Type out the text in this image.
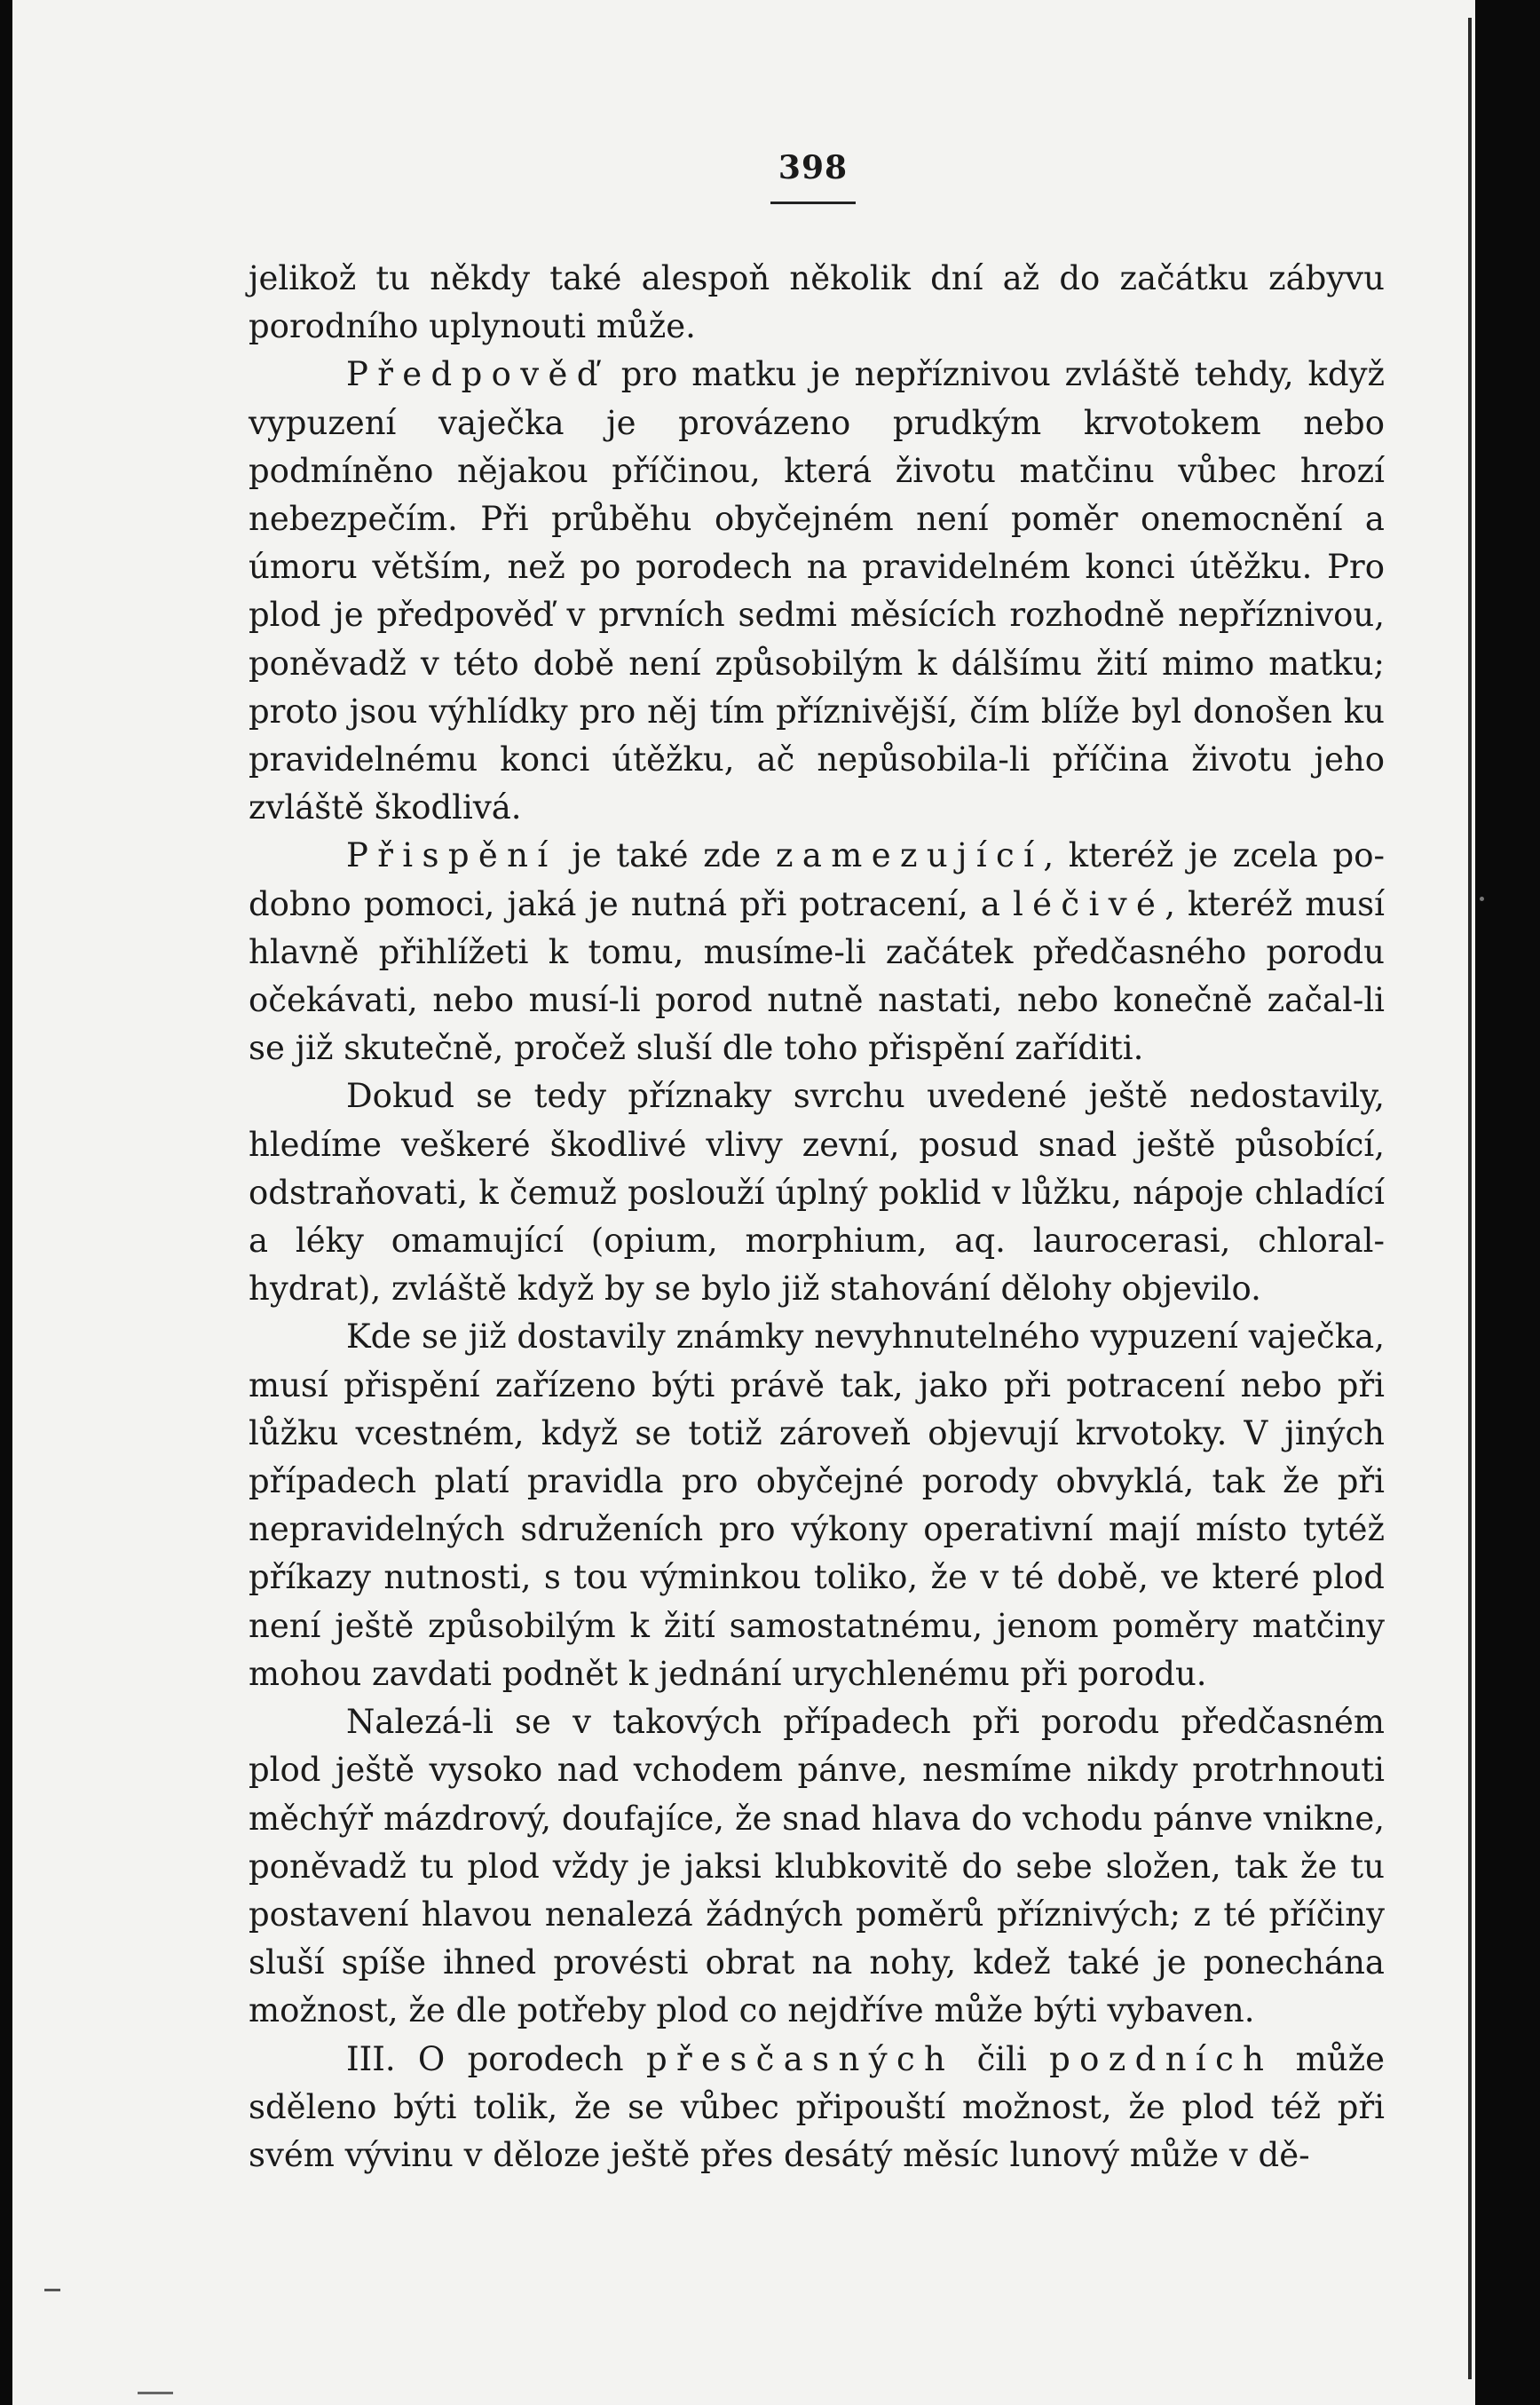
398

jelikož tu někdy také alespoň několik dní až do začátku zábyvu porodního uplynouti může.

Předpověď pro matku je nepříznivou zvláště tehdy, když vypuzení vaječka je provázeno prudkým krvotokem nebo podmíněno nějakou příčinou, která životu matčinu vůbec hrozí nebezpečím. Při průběhu obyčejném není poměr onemocnění a úmoru větším, než po porodech na pravidelném konci útěžku. Pro plod je předpověď v prvních sedmi měsících rozhodně nepříznivou, poněvadž v této době není způsobilým k dálšímu žití mimo matku; proto jsou výhlídky pro něj tím příznivější, čím blíže byl donošen ku pravidelnému konci útěžku, ač nepůsobila-li příčina životu jeho zvláště škodlivá.

Přispění je také zde zamezující, kteréž je zcela podobno pomoci, jaká je nutná při potracení, a léčivé, kteréž musí hlavně přihlížeti k tomu, musíme-li začátek předčasného porodu očekávati, nebo musí-li porod nutně nastati, nebo konečně začal-li se již skutečně, pročež sluší dle toho přispění zaříditi.

Dokud se tedy příznaky svrchu uvedené ještě nedostavily, hledíme veškeré škodlivé vlivy zevní, posud snad ještě působící, odstraňovati, k čemuž poslouží úplný poklid v lůžku, nápoje chladící a léky omamující (opium, morphium, aq. laurocerasi, chloralhydrat), zvláště když by se bylo již stahování dělohy objevilo.

Kde se již dostavily známky nevyhnutelného vypuzení vaječka, musí přispění zařízeno býti právě tak, jako při potracení nebo při lůžku vcestném, když se totiž zároveň objevují krvotoky. V jiných případech platí pravidla pro obyčejné porody obvyklá, tak že při nepravidelných sdruženích pro výkony operativní mají místo tytéž příkazy nutnosti, s tou výminkou toliko, že v té době, ve které plod není ještě způsobilým k žití samostatnému, jenom poměry matčiny mohou zavdati podnět k jednání urychlenému při porodu.

Nalezá-li se v takových případech při porodu předčasném plod ještě vysoko nad vchodem pánve, nesmíme nikdy protrhnouti měchýř mázdrový, doufajíce, že snad hlava do vchodu pánve vnikne, poněvadž tu plod vždy je jaksi klubkovitě do sebe složen, tak že tu postavení hlavou nenalezá žádných poměrů příznivých; z té příčiny sluší spíše ihned provésti obrat na nohy, kdež také je ponechána možnost, že dle potřeby plod co nejdříve může býti vybaven.

III. O porodech přesčasných čili pozdních může sděleno býti tolik, že se vůbec připouští možnost, že plod též při svém vývinu v děloze ještě přes desátý měsíc lunový může v dě-
